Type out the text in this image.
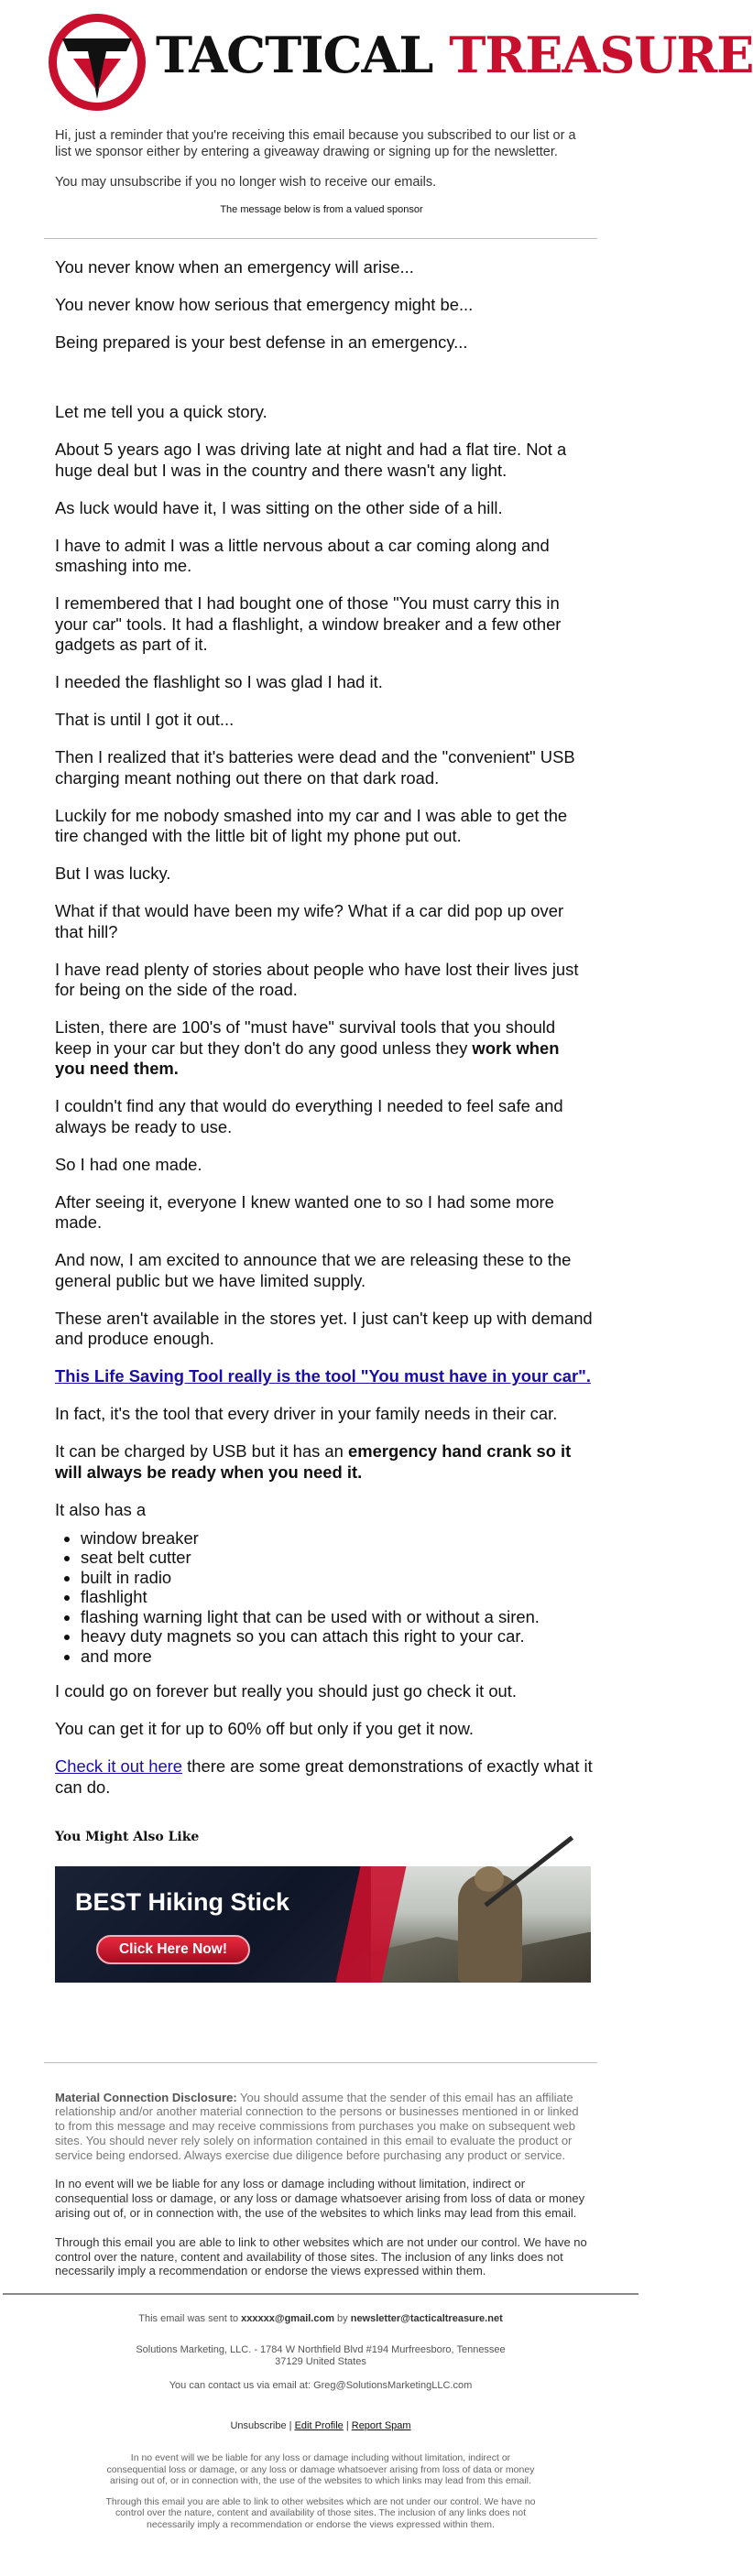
TACTICAL TREASURE

Hi, just a reminder that you're receiving this email because you subscribed to our list or a list we sponsor either by entering a giveaway drawing or signing up for the newsletter.

You may unsubscribe if you no longer wish to receive our emails.

The message below is from a valued sponsor

You never know when an emergency will arise...

You never know how serious that emergency might be...

Being prepared is your best defense in an emergency...

Let me tell you a quick story.

About 5 years ago I was driving late at night and had a flat tire. Not a huge deal but I was in the country and there wasn't any light.

As luck would have it, I was sitting on the other side of a hill.

I have to admit I was a little nervous about a car coming along and smashing into me.

I remembered that I had bought one of those "You must carry this in your car" tools. It had a flashlight, a window breaker and a few other gadgets as part of it.

I needed the flashlight so I was glad I had it.

That is until I got it out...

Then I realized that it's batteries were dead and the "convenient" USB charging meant nothing out there on that dark road.

Luckily for me nobody smashed into my car and I was able to get the tire changed with the little bit of light my phone put out.

But I was lucky.

What if that would have been my wife? What if a car did pop up over that hill?

I have read plenty of stories about people who have lost their lives just for being on the side of the road.

Listen, there are 100's of "must have" survival tools that you should keep in your car but they don't do any good unless they work when you need them.

I couldn't find any that would do everything I needed to feel safe and always be ready to use.

So I had one made.

After seeing it, everyone I knew wanted one to so I had some more made.

And now, I am excited to announce that we are releasing these to the general public but we have limited supply.

These aren't available in the stores yet. I just can't keep up with demand and produce enough.

This Life Saving Tool really is the tool "You must have in your car".

In fact, it's the tool that every driver in your family needs in their car.

It can be charged by USB but it has an emergency hand crank so it will always be ready when you need it.

It also has a

• window breaker
• seat belt cutter
• built in radio
• flashlight
• flashing warning light that can be used with or without a siren.
• heavy duty magnets so you can attach this right to your car.
• and more

I could go on forever but really you should just go check it out.

You can get it for up to 60% off but only if you get it now.

Check it out here there are some great demonstrations of exactly what it can do.

You Might Also Like
BEST Hiking Stick
Click Here Now!

Material Connection Disclosure: You should assume that the sender of this email has an affiliate relationship and/or another material connection to the persons or businesses mentioned in or linked to from this message and may receive commissions from purchases you make on subsequent web sites. You should never rely solely on information contained in this email to evaluate the product or service being endorsed. Always exercise due diligence before purchasing any product or service.

In no event will we be liable for any loss or damage including without limitation, indirect or consequential loss or damage, or any loss or damage whatsoever arising from loss of data or money arising out of, or in connection with, the use of the websites to which links may lead from this email.

Through this email you are able to link to other websites which are not under our control. We have no control over the nature, content and availability of those sites. The inclusion of any links does not necessarily imply a recommendation or endorse the views expressed within them.

This email was sent to xxxxxx@gmail.com by newsletter@tacticaltreasure.net
Solutions Marketing, LLC. - 1784 W Northfield Blvd #194 Murfreesboro, Tennessee
37129 United States
You can contact us via email at: Greg@SolutionsMarketingLLC.com
Unsubscribe | Edit Profile | Report Spam
In no event will we be liable for any loss or damage including without limitation, indirect or consequential loss or damage, or any loss or damage whatsoever arising from loss of data or money arising out of, or in connection with, the use of the websites to which links may lead from this email.
Through this email you are able to link to other websites which are not under our control. We have no control over the nature, content and availability of those sites. The inclusion of any links does not necessarily imply a recommendation or endorse the views expressed within them.
